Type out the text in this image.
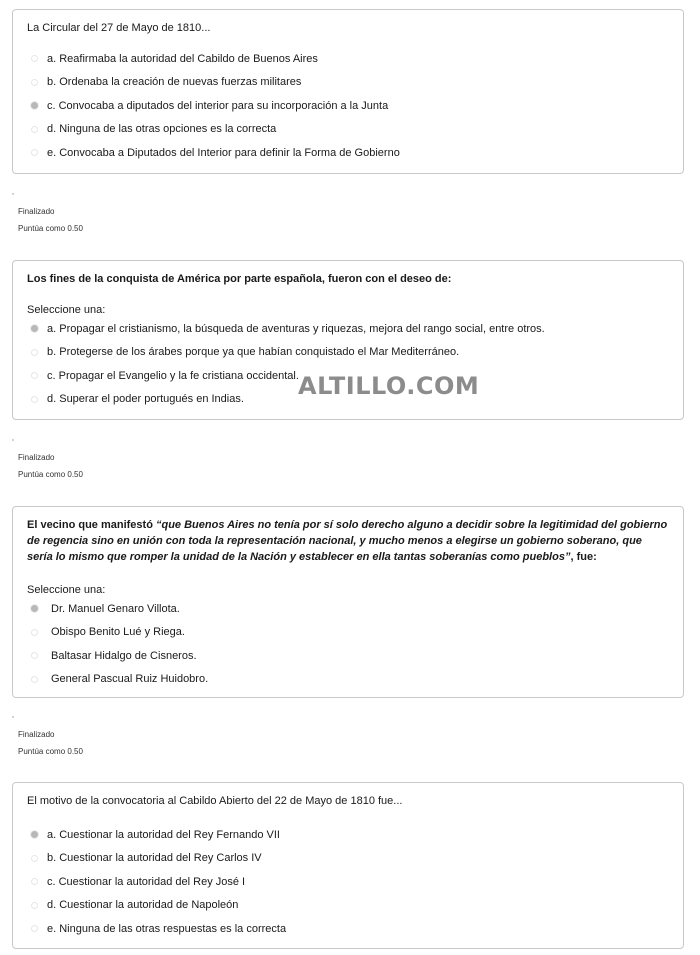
La Circular del 27 de Mayo de 1810...

a. Reafirmaba la autoridad del Cabildo de Buenos Aires
b. Ordenaba la creación de nuevas fuerzas militares
c. Convocaba a diputados del interior para su incorporación a la Junta
d. Ninguna de las otras opciones es la correcta
e. Convocaba a Diputados del Interior para definir la Forma de Gobierno
Finalizado
Puntúa como 0.50

Los fines de la conquista de América por parte española, fueron con el deseo de:

Seleccione una:
a. Propagar el cristianismo, la búsqueda de aventuras y riquezas, mejora del rango social, entre otros.
b. Protegerse de los árabes porque ya que habían conquistado el Mar Mediterráneo.
c. Propagar el Evangelio y la fe cristiana occidental.
d. Superar el poder portugués en Indias. ALTILLO.COM
Finalizado
Puntúa como 0.50

El vecino que manifestó “que Buenos Aires no tenía por sí solo derecho alguno a decidir sobre la legitimidad del gobierno de regencia sino en unión con toda la representación nacional, y mucho menos a elegirse un gobierno soberano, que sería lo mismo que romper la unidad de la Nación y establecer en ella tantas soberanías como pueblos”, fue:

Seleccione una:
Dr. Manuel Genaro Villota.
Obispo Benito Lué y Riega.
Baltasar Hidalgo de Cisneros.
General Pascual Ruiz Huidobro.
Finalizado
Puntúa como 0.50

El motivo de la convocatoria al Cabildo Abierto del 22 de Mayo de 1810 fue...

a. Cuestionar la autoridad del Rey Fernando VII
b. Cuestionar la autoridad del Rey Carlos IV
c. Cuestionar la autoridad del Rey José I
d. Cuestionar la autoridad de Napoleón
e. Ninguna de las otras respuestas es la correcta
